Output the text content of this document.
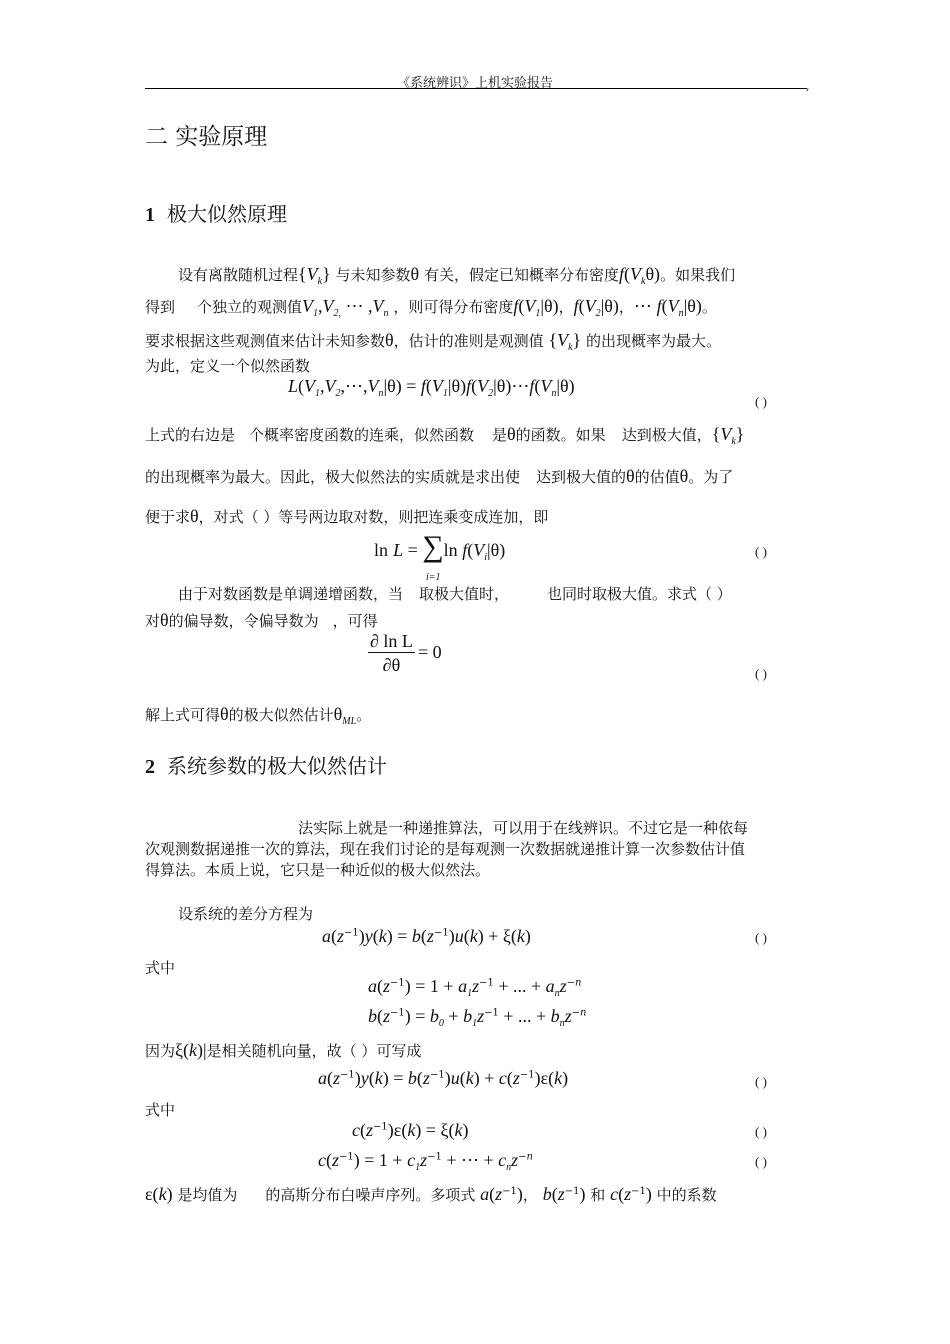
《系统辨识》上机实验报告	,
二 实验原理
1 极大似然原理
设有离散随机过程$\{V_k\}$ 与未知参数θ 有关，假定已知概率分布密度$f(V_k\theta)$。如果我们
得到 个独立的观测值$V_1,V_{2,}$ ⋯ $,V_n$ ，则可得分布密度$f(V_1|\theta)$，$f(V_2|\theta)$，⋯ $f(V_n|\theta)$。
要求根据这些观测值来估计未知参数θ，估计的准则是观测值 $\{V_k\}$ 的出现概率为最大。
为此，定义一个似然函数
$L(V_1,V_2,\cdots,V_n|\theta)$ = $f(V_1|\theta)f(V_2|\theta)\cdots f(V_n|\theta)$
( )
上式的右边是 个概率密度函数的连乘，似然函数 是θ的函数。如果 达到极大值，$\{V_k\}$
的出现概率为最大。因此，极大似然法的实质就是求出使 达到极大值的θ的估值θ。为了
便于求θ，对式（ ）等号两边取对数，则把连乘变成连加，即
ln L = ∑ln $f(V_i|\theta)$
i=1
( )
由于对数函数是单调递增函数，当 取极大值时，	也同时取极大值。求式（ ）
对θ的偏导数，令偏导数为 ，可得
$\frac{\text{∂ ln L}}{\partial\theta} = 0$
( )
解上式可得θ的极大似然估计$\theta_{ML}$。
2 系统参数的极大似然估计
法实际上就是一种递推算法，可以用于在线辨识。不过它是一种依每
次观测数据递推一次的算法，现在我们讨论的是每观测一次数据就递推计算一次参数估计值
得算法。本质上说，它只是一种近似的极大似然法。
设系统的差分方程为
$a(z^{-1})y(k) = b(z^{-1})u(k) + \xi(k)$	( )
式中
$a(z^{-1}) = 1 + a_1z^{-1}$ + ... + $a_nz^{-n}$
$b(z^{-1}) = b_0 + b_1z^{-1}$ + ... + $b_nz^{-n}$
因为ξ(k)|是相关随机向量，故（ ）可写成
$a(z^{-1})y(k) = b(z^{-1})u(k) + c(z^{-1})\varepsilon(k)$	( )
式中
$c(z^{-1})\varepsilon(k) = \xi(k)$	( )
$c(z^{-1}) = 1 + c_1z^{-1}$ + ⋯ + $c_nz^{-n}$	( )
ε(k) 是均值为 的高斯分布白噪声序列。多项式 $a(z^{-1})$， $b(z^{-1})$ 和 $c(z^{-1})$ 中的系数
